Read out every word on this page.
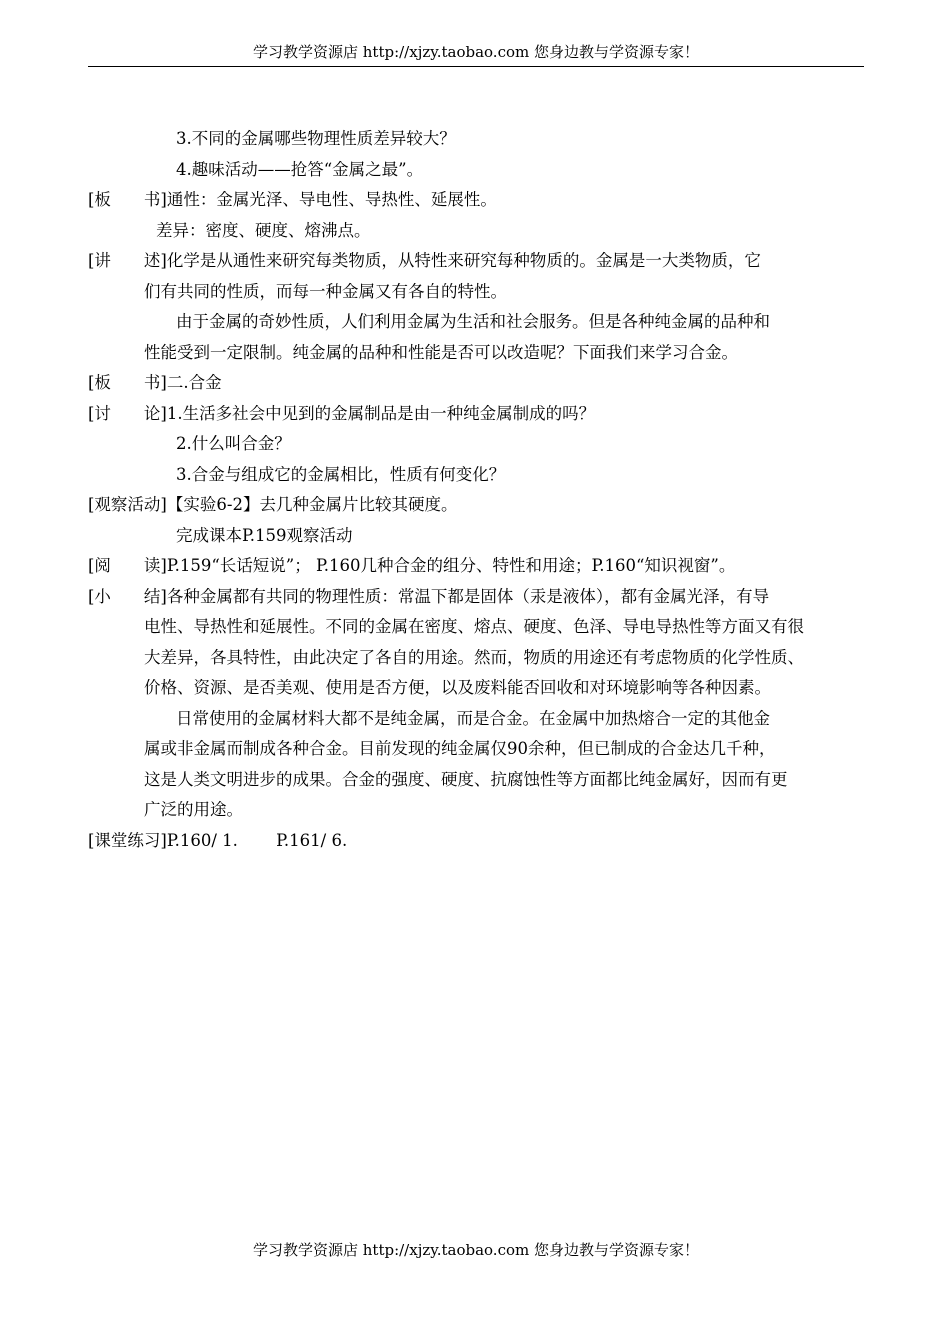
学习教学资源店 http://xjzy.taobao.com 您身边教与学资源专家！
3.不同的金属哪些物理性质差异较大？
4.趣味活动——抢答“金属之最”。
[板　　书]通性：金属光泽、导电性、导热性、延展性。
差异：密度、硬度、熔沸点。
[讲　　述]化学是从通性来研究每类物质，从特性来研究每种物质的。金属是一大类物质，它
们有共同的性质，而每一种金属又有各自的特性。
由于金属的奇妙性质，人们利用金属为生活和社会服务。但是各种纯金属的品种和
性能受到一定限制。纯金属的品种和性能是否可以改造呢？下面我们来学习合金。
[板　　书]二.合金
[讨　　论]1.生活多社会中见到的金属制品是由一种纯金属制成的吗？
2.什么叫合金？
3.合金与组成它的金属相比，性质有何变化？
[观察活动]【实验6-2】去几种金属片比较其硬度。
完成课本P.159观察活动
[阅　　读]P.159“长话短说”； P.160几种合金的组分、特性和用途；P.160“知识视窗”。
[小　　结]各种金属都有共同的物理性质：常温下都是固体（汞是液体），都有金属光泽，有导
电性、导热性和延展性。不同的金属在密度、熔点、硬度、色泽、导电导热性等方面又有很
大差异，各具特性，由此决定了各自的用途。然而，物质的用途还有考虑物质的化学性质、
价格、资源、是否美观、使用是否方便，以及废料能否回收和对环境影响等各种因素。
日常使用的金属材料大都不是纯金属，而是合金。在金属中加热熔合一定的其他金
属或非金属而制成各种合金。目前发现的纯金属仅90余种，但已制成的合金达几千种，
这是人类文明进步的成果。合金的强度、硬度、抗腐蚀性等方面都比纯金属好，因而有更
广泛的用途。
[课堂练习]P.160/ 1.　　 P.161/ 6.
学习教学资源店 http://xjzy.taobao.com 您身边教与学资源专家！
